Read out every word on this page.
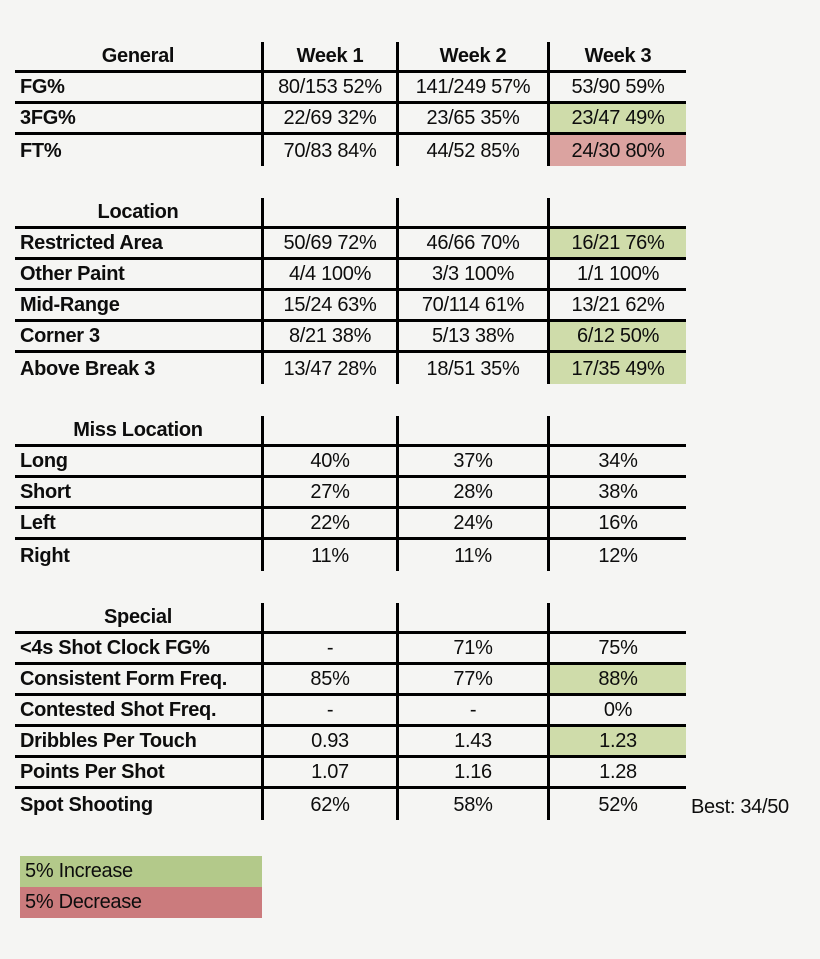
General	Week 1	Week 2	Week 3
FG%	80/153 52%	141/249 57%	53/90 59%
3FG%	22/69 32%	23/65 35%	23/47 49%
FT%	70/83 84%	44/52 85%	24/30 80%
Location
Restricted Area	50/69 72%	46/66 70%	16/21 76%
Other Paint	4/4 100%	3/3 100%	1/1 100%
Mid-Range	15/24 63%	70/114 61%	13/21 62%
Corner 3	8/21 38%	5/13 38%	6/12 50%
Above Break 3	13/47 28%	18/51 35%	17/35 49%
Miss Location
Long	40%	37%	34%
Short	27%	28%	38%
Left	22%	24%	16%
Right	11%	11%	12%
Special
<4s Shot Clock FG%	-	71%	75%
Consistent Form Freq.	85%	77%	88%
Contested Shot Freq.	-	-	0%
Dribbles Per Touch	0.93	1.43	1.23
Points Per Shot	1.07	1.16	1.28
Spot Shooting	62%	58%	52%	Best: 34/50
5% Increase
5% Decrease
